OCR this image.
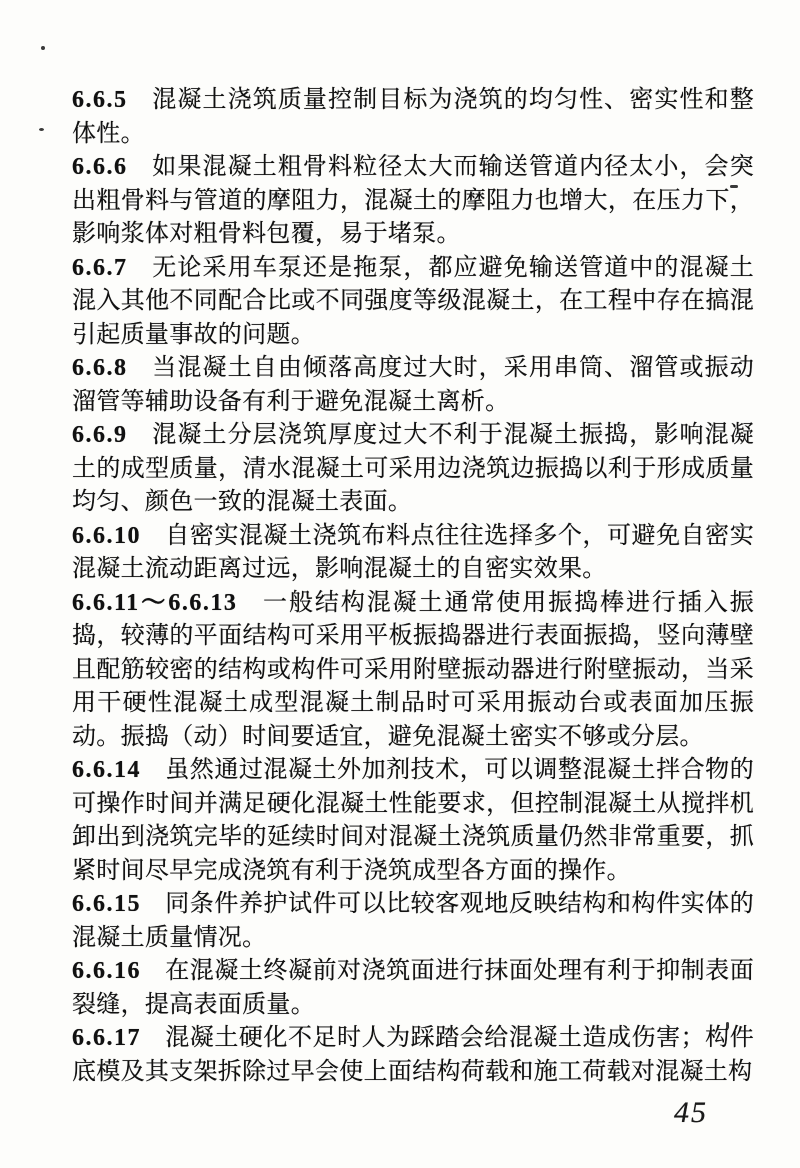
6.6.5 混凝土浇筑质量控制目标为浇筑的均匀性、密实性和整体性。

6.6.6 如果混凝土粗骨料粒径太大而输送管道内径太小，会突出粗骨料与管道的摩阻力，混凝土的摩阻力也增大，在压力下，影响浆体对粗骨料包覆，易于堵泵。

6.6.7 无论采用车泵还是拖泵，都应避免输送管道中的混凝土混入其他不同配合比或不同强度等级混凝土，在工程中存在搞混引起质量事故的问题。

6.6.8 当混凝土自由倾落高度过大时，采用串筒、溜管或振动溜管等辅助设备有利于避免混凝土离析。

6.6.9 混凝土分层浇筑厚度过大不利于混凝土振捣，影响混凝土的成型质量，清水混凝土可采用边浇筑边振捣以利于形成质量均匀、颜色一致的混凝土表面。

6.6.10 自密实混凝土浇筑布料点往往选择多个，可避免自密实混凝土流动距离过远，影响混凝土的自密实效果。

6.6.11～6.6.13 一般结构混凝土通常使用振捣棒进行插入振捣，较薄的平面结构可采用平板振捣器进行表面振捣，竖向薄壁且配筋较密的结构或构件可采用附壁振动器进行附壁振动，当采用干硬性混凝土成型混凝土制品时可采用振动台或表面加压振动。振捣（动）时间要适宜，避免混凝土密实不够或分层。

6.6.14 虽然通过混凝土外加剂技术，可以调整混凝土拌合物的可操作时间并满足硬化混凝土性能要求，但控制混凝土从搅拌机卸出到浇筑完毕的延续时间对混凝土浇筑质量仍然非常重要，抓紧时间尽早完成浇筑有利于浇筑成型各方面的操作。

6.6.15 同条件养护试件可以比较客观地反映结构和构件实体的混凝土质量情况。

6.6.16 在混凝土终凝前对浇筑面进行抹面处理有利于抑制表面裂缝，提高表面质量。

6.6.17 混凝土硬化不足时人为踩踏会给混凝土造成伤害；构件底模及其支架拆除过早会使上面结构荷载和施工荷载对混凝土构

45
